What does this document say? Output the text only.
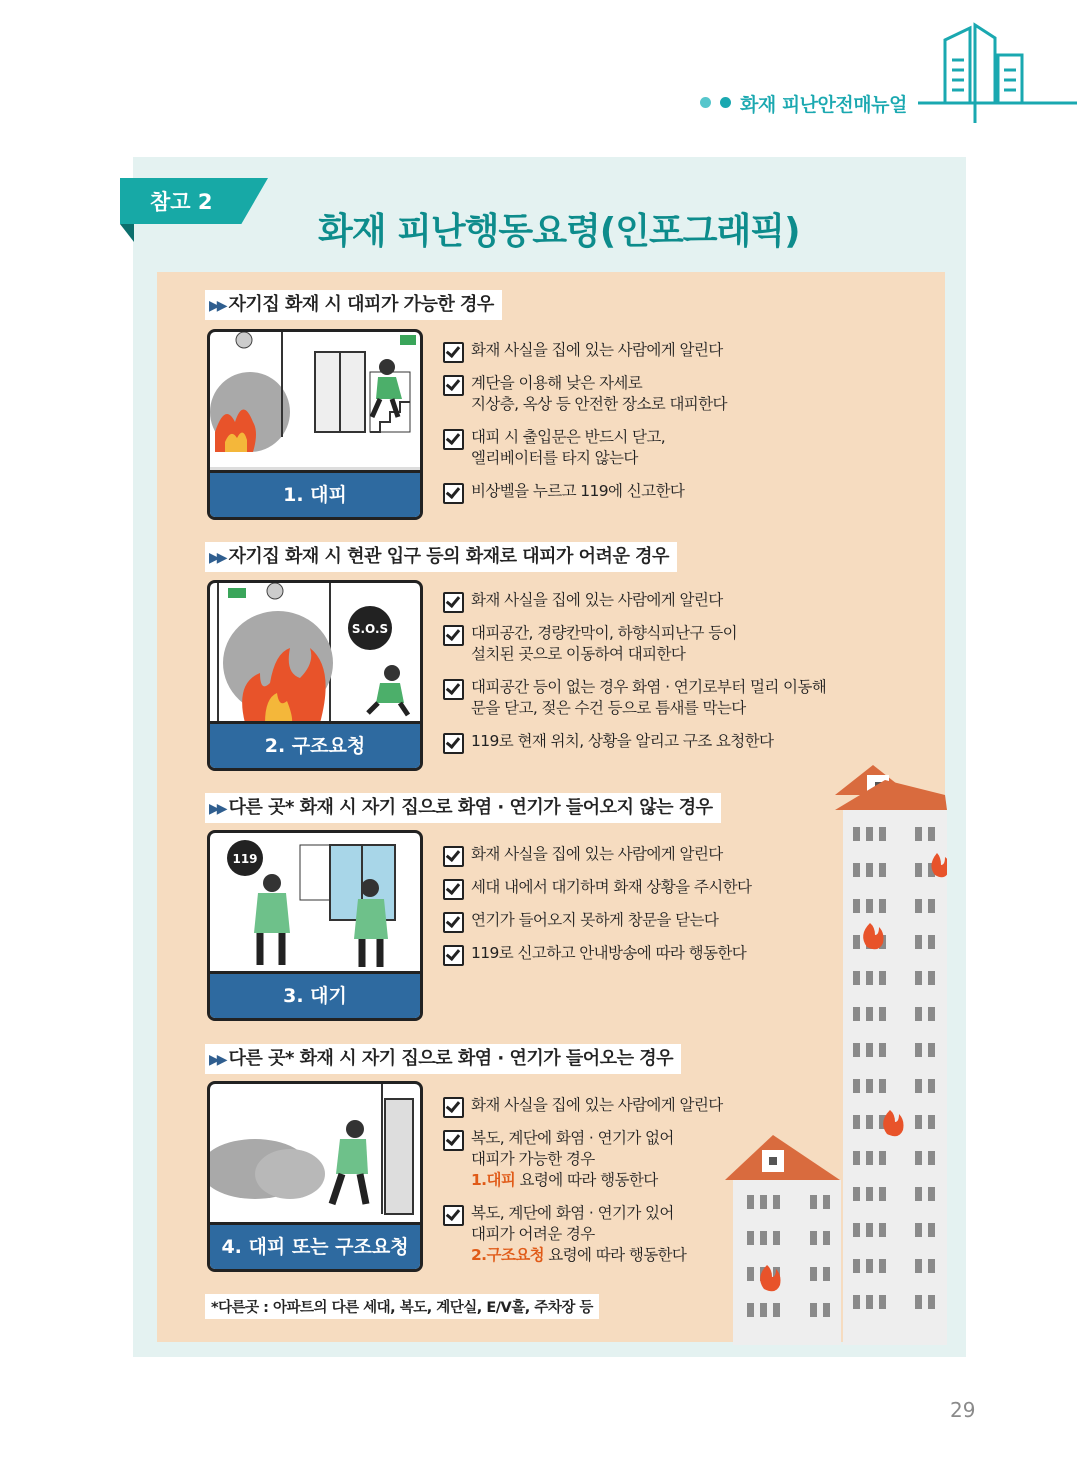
화재 피난안전매뉴얼
참고 2
화재 피난행동요령(인포그래픽)
▶▶ 자기집 화재 시 대피가 가능한 경우
1. 대피
화재 사실을 집에 있는 사람에게 알린다
계단을 이용해 낮은 자세로
지상층, 옥상 등 안전한 장소로 대피한다
대피 시 출입문은 반드시 닫고,
엘리베이터를 타지 않는다
비상벨을 누르고 119에 신고한다
▶▶ 자기집 화재 시 현관 입구 등의 화재로 대피가 어려운 경우
S.O.S
2. 구조요청
화재 사실을 집에 있는 사람에게 알린다
대피공간, 경량칸막이, 하향식피난구 등이
설치된 곳으로 이동하여 대피한다
대피공간 등이 없는 경우 화염 · 연기로부터 멀리 이동해
문을 닫고, 젖은 수건 등으로 틈새를 막는다
119로 현재 위치, 상황을 알리고 구조 요청한다
▶▶ 다른 곳* 화재 시 자기 집으로 화염 · 연기가 들어오지 않는 경우
119
3. 대기
화재 사실을 집에 있는 사람에게 알린다
세대 내에서 대기하며 화재 상황을 주시한다
연기가 들어오지 못하게 창문을 닫는다
119로 신고하고 안내방송에 따라 행동한다
▶▶ 다른 곳* 화재 시 자기 집으로 화염 · 연기가 들어오는 경우
4. 대피 또는 구조요청
화재 사실을 집에 있는 사람에게 알린다
복도, 계단에 화염 · 연기가 없어
대피가 가능한 경우
1.대피 요령에 따라 행동한다
복도, 계단에 화염 · 연기가 있어
대피가 어려운 경우
2.구조요청 요령에 따라 행동한다
*다른곳 : 아파트의 다른 세대, 복도, 계단실, E/V홀, 주차장 등
29
